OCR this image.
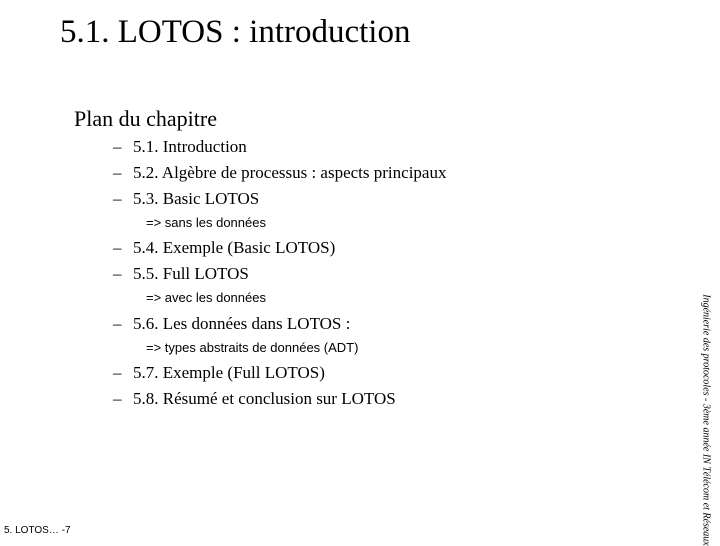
5.1. LOTOS : introduction
Plan du chapitre
– 5.1. Introduction
– 5.2. Algèbre de processus : aspects principaux
– 5.3. Basic LOTOS
=> sans les données
– 5.4. Exemple (Basic LOTOS)
– 5.5. Full LOTOS
=> avec les données
– 5.6. Les données dans LOTOS :
=> types abstraits de données (ADT)
– 5.7. Exemple (Full LOTOS)
– 5.8. Résumé et conclusion sur LOTOS	Ingénierie des protocoles - 3ème année IN Télécom et Réseaux
5. LOTOS… -7
